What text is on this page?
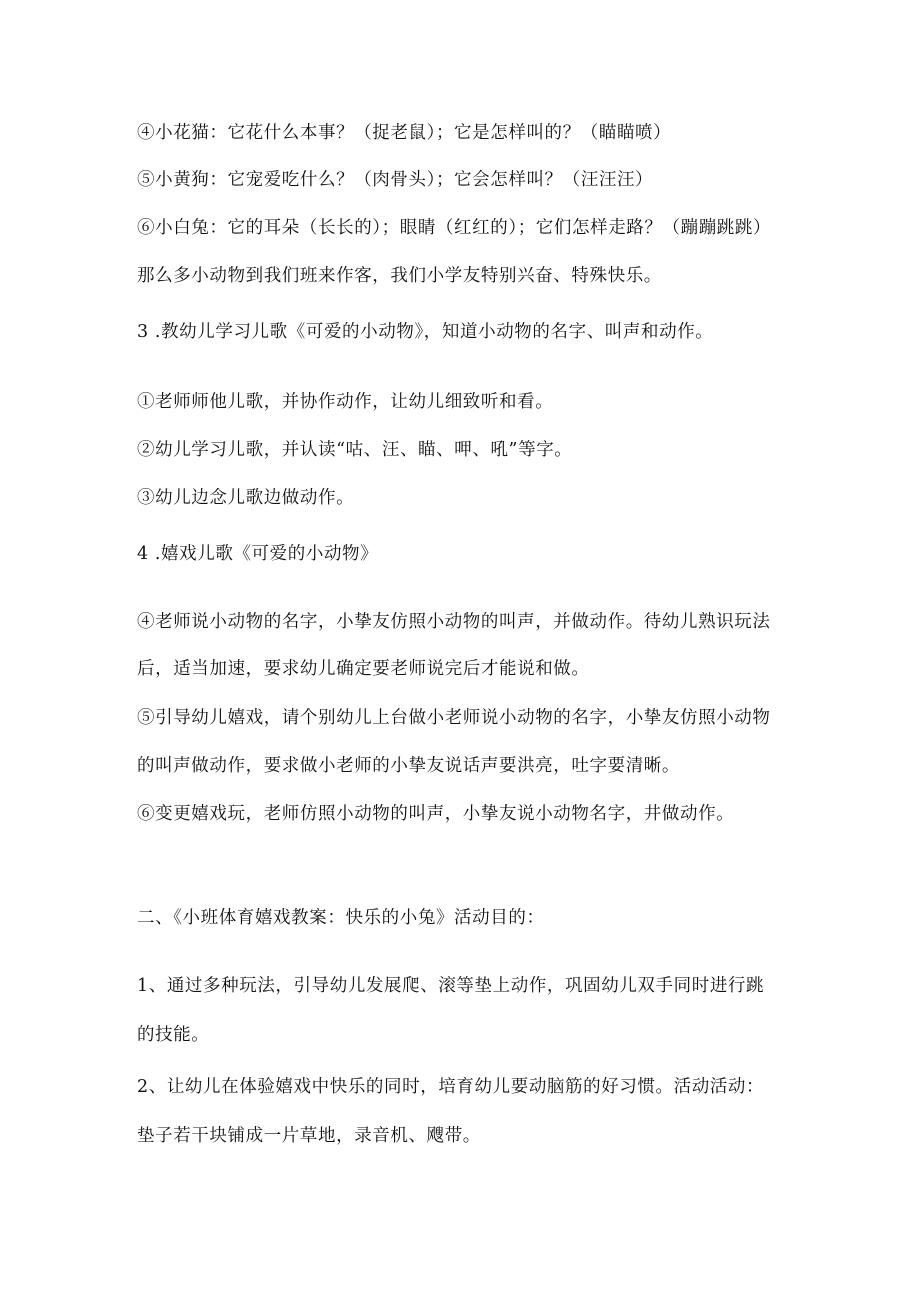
④小花猫：它花什么本事？（捉老鼠）；它是怎样叫的？（瞄瞄喷）
⑤小黄狗：它宠爱吃什么？（肉骨头）；它会怎样叫？（汪汪汪）
⑥小白兔：它的耳朵（长长的）；眼睛（红红的）；它们怎样走路？（蹦蹦跳跳）
那么多小动物到我们班来作客，我们小学友特别兴奋、特殊快乐。
3 .教幼儿学习儿歌《可爱的小动物》，知道小动物的名字、叫声和动作。
①老师师他儿歌，并协作动作，让幼儿细致听和看。
②幼儿学习儿歌，并认读“咕、汪、瞄、呷、吼”等字。
③幼儿边念儿歌边做动作。
4 .嬉戏儿歌《可爱的小动物》
④老师说小动物的名字，小挚友仿照小动物的叫声，并做动作。待幼儿熟识玩法
后，适当加速，要求幼儿确定要老师说完后才能说和做。
⑤引导幼儿嬉戏，请个别幼儿上台做小老师说小动物的名字，小挚友仿照小动物
的叫声做动作，要求做小老师的小挚友说话声要洪亮，吐字要清晰。
⑥变更嬉戏玩，老师仿照小动物的叫声，小挚友说小动物名字，井做动作。
二、《小班体育嬉戏教案：快乐的小兔》活动目的：
1、通过多种玩法，引导幼儿发展爬、滚等垫上动作，巩固幼儿双手同时进行跳
的技能。
2、让幼儿在体验嬉戏中快乐的同时，培育幼儿要动脑筋的好习惯。活动活动：
垫子若干块铺成一片草地，录音机、飕带。
